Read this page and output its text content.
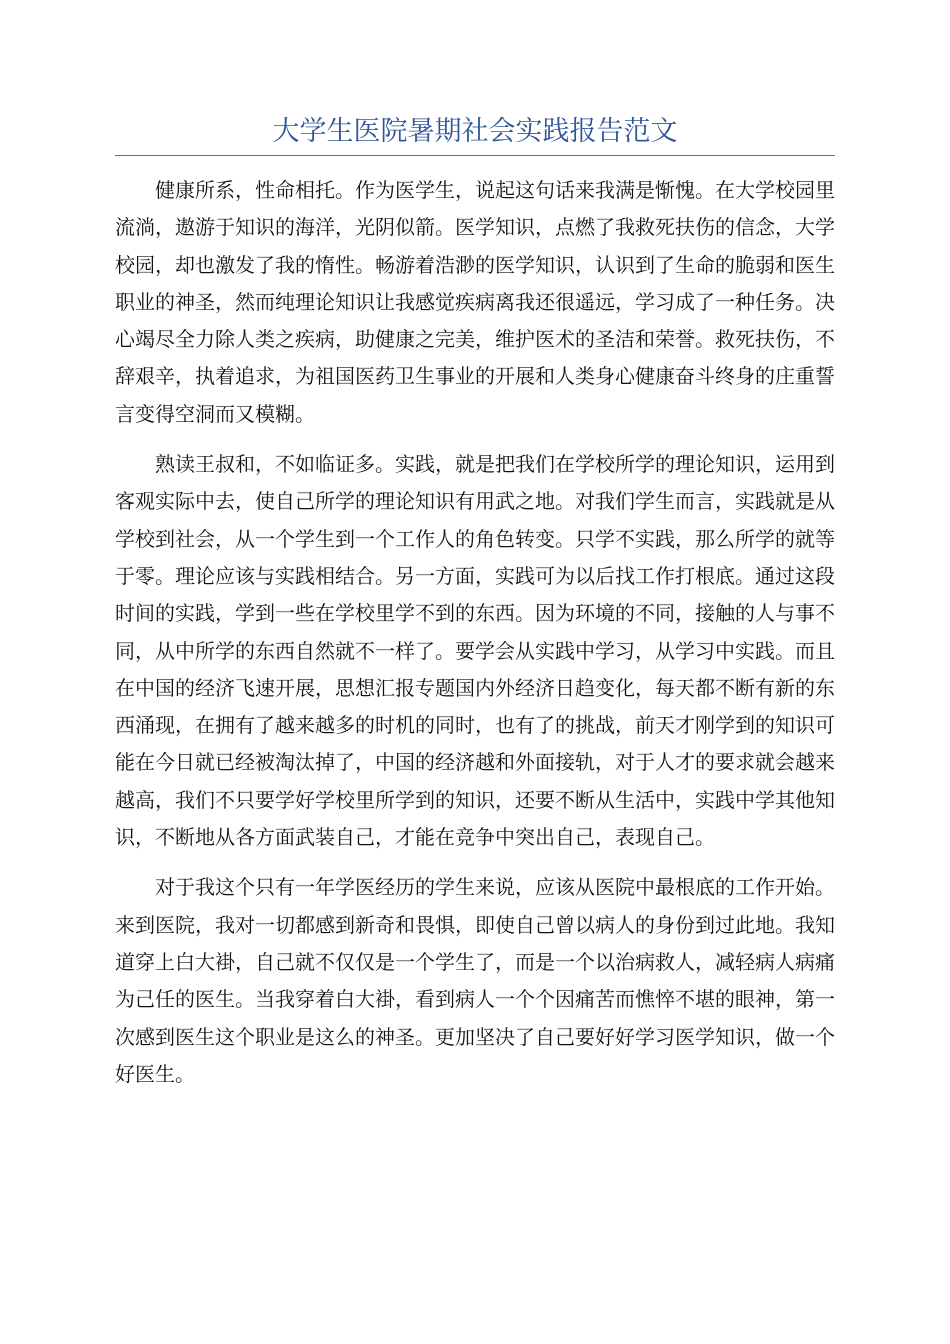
大学生医院暑期社会实践报告范文

健康所系，性命相托。作为医学生，说起这句话来我满是惭愧。在大学校园里流淌，遨游于知识的海洋，光阴似箭。医学知识，点燃了我救死扶伤的信念，大学校园，却也激发了我的惰性。畅游着浩渺的医学知识，认识到了生命的脆弱和医生职业的神圣，然而纯理论知识让我感觉疾病离我还很遥远，学习成了一种任务。决心竭尽全力除人类之疾病，助健康之完美，维护医术的圣洁和荣誉。救死扶伤，不辞艰辛，执着追求，为祖国医药卫生事业的开展和人类身心健康奋斗终身的庄重誓言变得空洞而又模糊。

熟读王叔和，不如临证多。实践，就是把我们在学校所学的理论知识，运用到客观实际中去，使自己所学的理论知识有用武之地。对我们学生而言，实践就是从学校到社会，从一个学生到一个工作人的角色转变。只学不实践，那么所学的就等于零。理论应该与实践相结合。另一方面，实践可为以后找工作打根底。通过这段时间的实践，学到一些在学校里学不到的东西。因为环境的不同，接触的人与事不同，从中所学的东西自然就不一样了。要学会从实践中学习，从学习中实践。而且在中国的经济飞速开展，思想汇报专题国内外经济日趋变化，每天都不断有新的东西涌现，在拥有了越来越多的时机的同时，也有了的挑战，前天才刚学到的知识可能在今日就已经被淘汰掉了，中国的经济越和外面接轨，对于人才的要求就会越来越高，我们不只要学好学校里所学到的知识，还要不断从生活中，实践中学其他知识，不断地从各方面武装自己，才能在竞争中突出自己，表现自己。

对于我这个只有一年学医经历的学生来说，应该从医院中最根底的工作开始。来到医院，我对一切都感到新奇和畏惧，即使自己曾以病人的身份到过此地。我知道穿上白大褂，自己就不仅仅是一个学生了，而是一个以治病救人，减轻病人病痛为己任的医生。当我穿着白大褂，看到病人一个个因痛苦而憔悴不堪的眼神，第一次感到医生这个职业是这么的神圣。更加坚决了自己要好好学习医学知识，做一个好医生。
